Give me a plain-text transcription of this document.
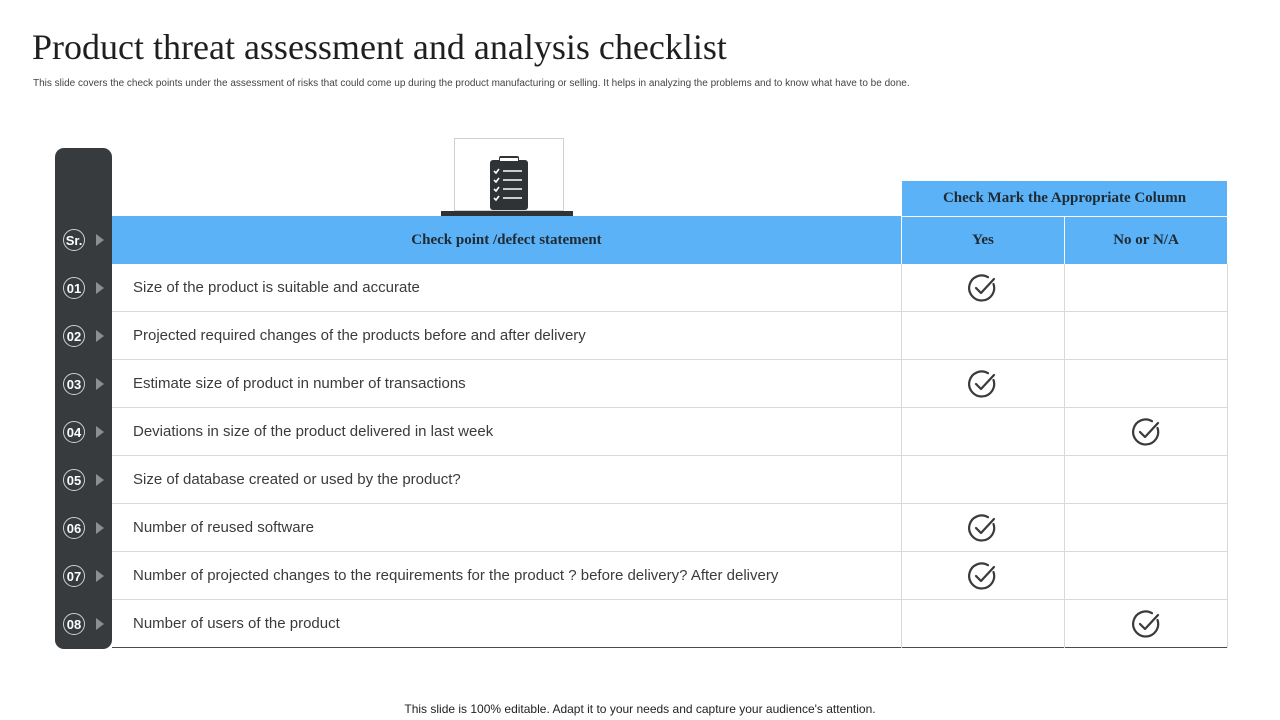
Product threat assessment and analysis checklist
This slide covers the check points under the assessment of risks that could come up during the product manufacturing or selling. It helps in analyzing the problems and to know what have to be done.
Sr.
01
02
03
04
05
06
07
08
Check Mark the Appropriate Column
Check point /defect statement	Yes	No or N/A
Size of the product is suitable and accurate
Projected required changes of the products before and after delivery
Estimate size of product in number of transactions
Deviations in size of the product delivered in last week
Size of database created or used by the product?
Number of reused software
Number of projected changes to the requirements for the product ? before delivery? After delivery
Number of users of the product
This slide is 100% editable. Adapt it to your needs and capture your audience's attention.
